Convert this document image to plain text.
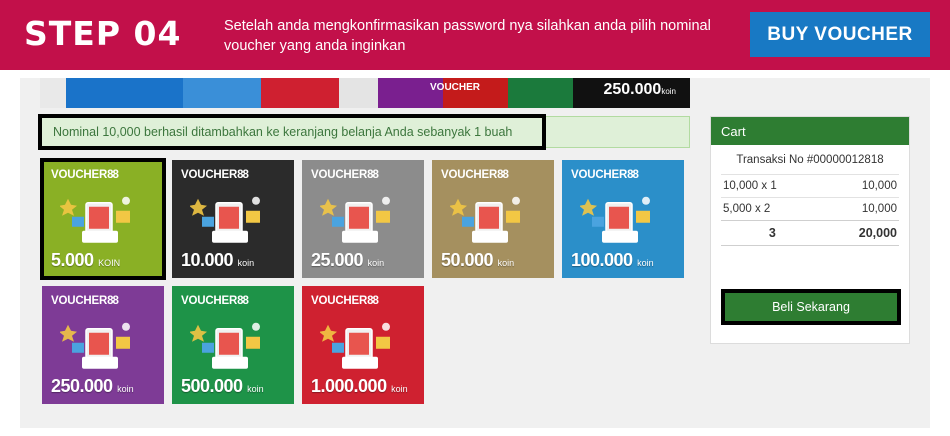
STEP 04	Setelah anda mengkonfirmasikan password nya silahkan anda pilih nominal voucher yang anda inginkan
BUY VOUCHER
VOUCHER	250.000koin
Nominal 10,000 berhasil ditambahkan ke keranjang belanja Anda sebanyak 1 buah
VOUCHER88
5.000 KOIN
VOUCHER88
10.000 koin
VOUCHER88
25.000 koin
VOUCHER88
50.000 koin
VOUCHER88
100.000 koin
VOUCHER88
250.000 koin
VOUCHER88
500.000 koin
VOUCHER88
1.000.000 koin
Cart
Transaksi No #00000012818
10,000 x 1	10,000
5,000 x 2	10,000
3	20,000
Beli Sekarang
